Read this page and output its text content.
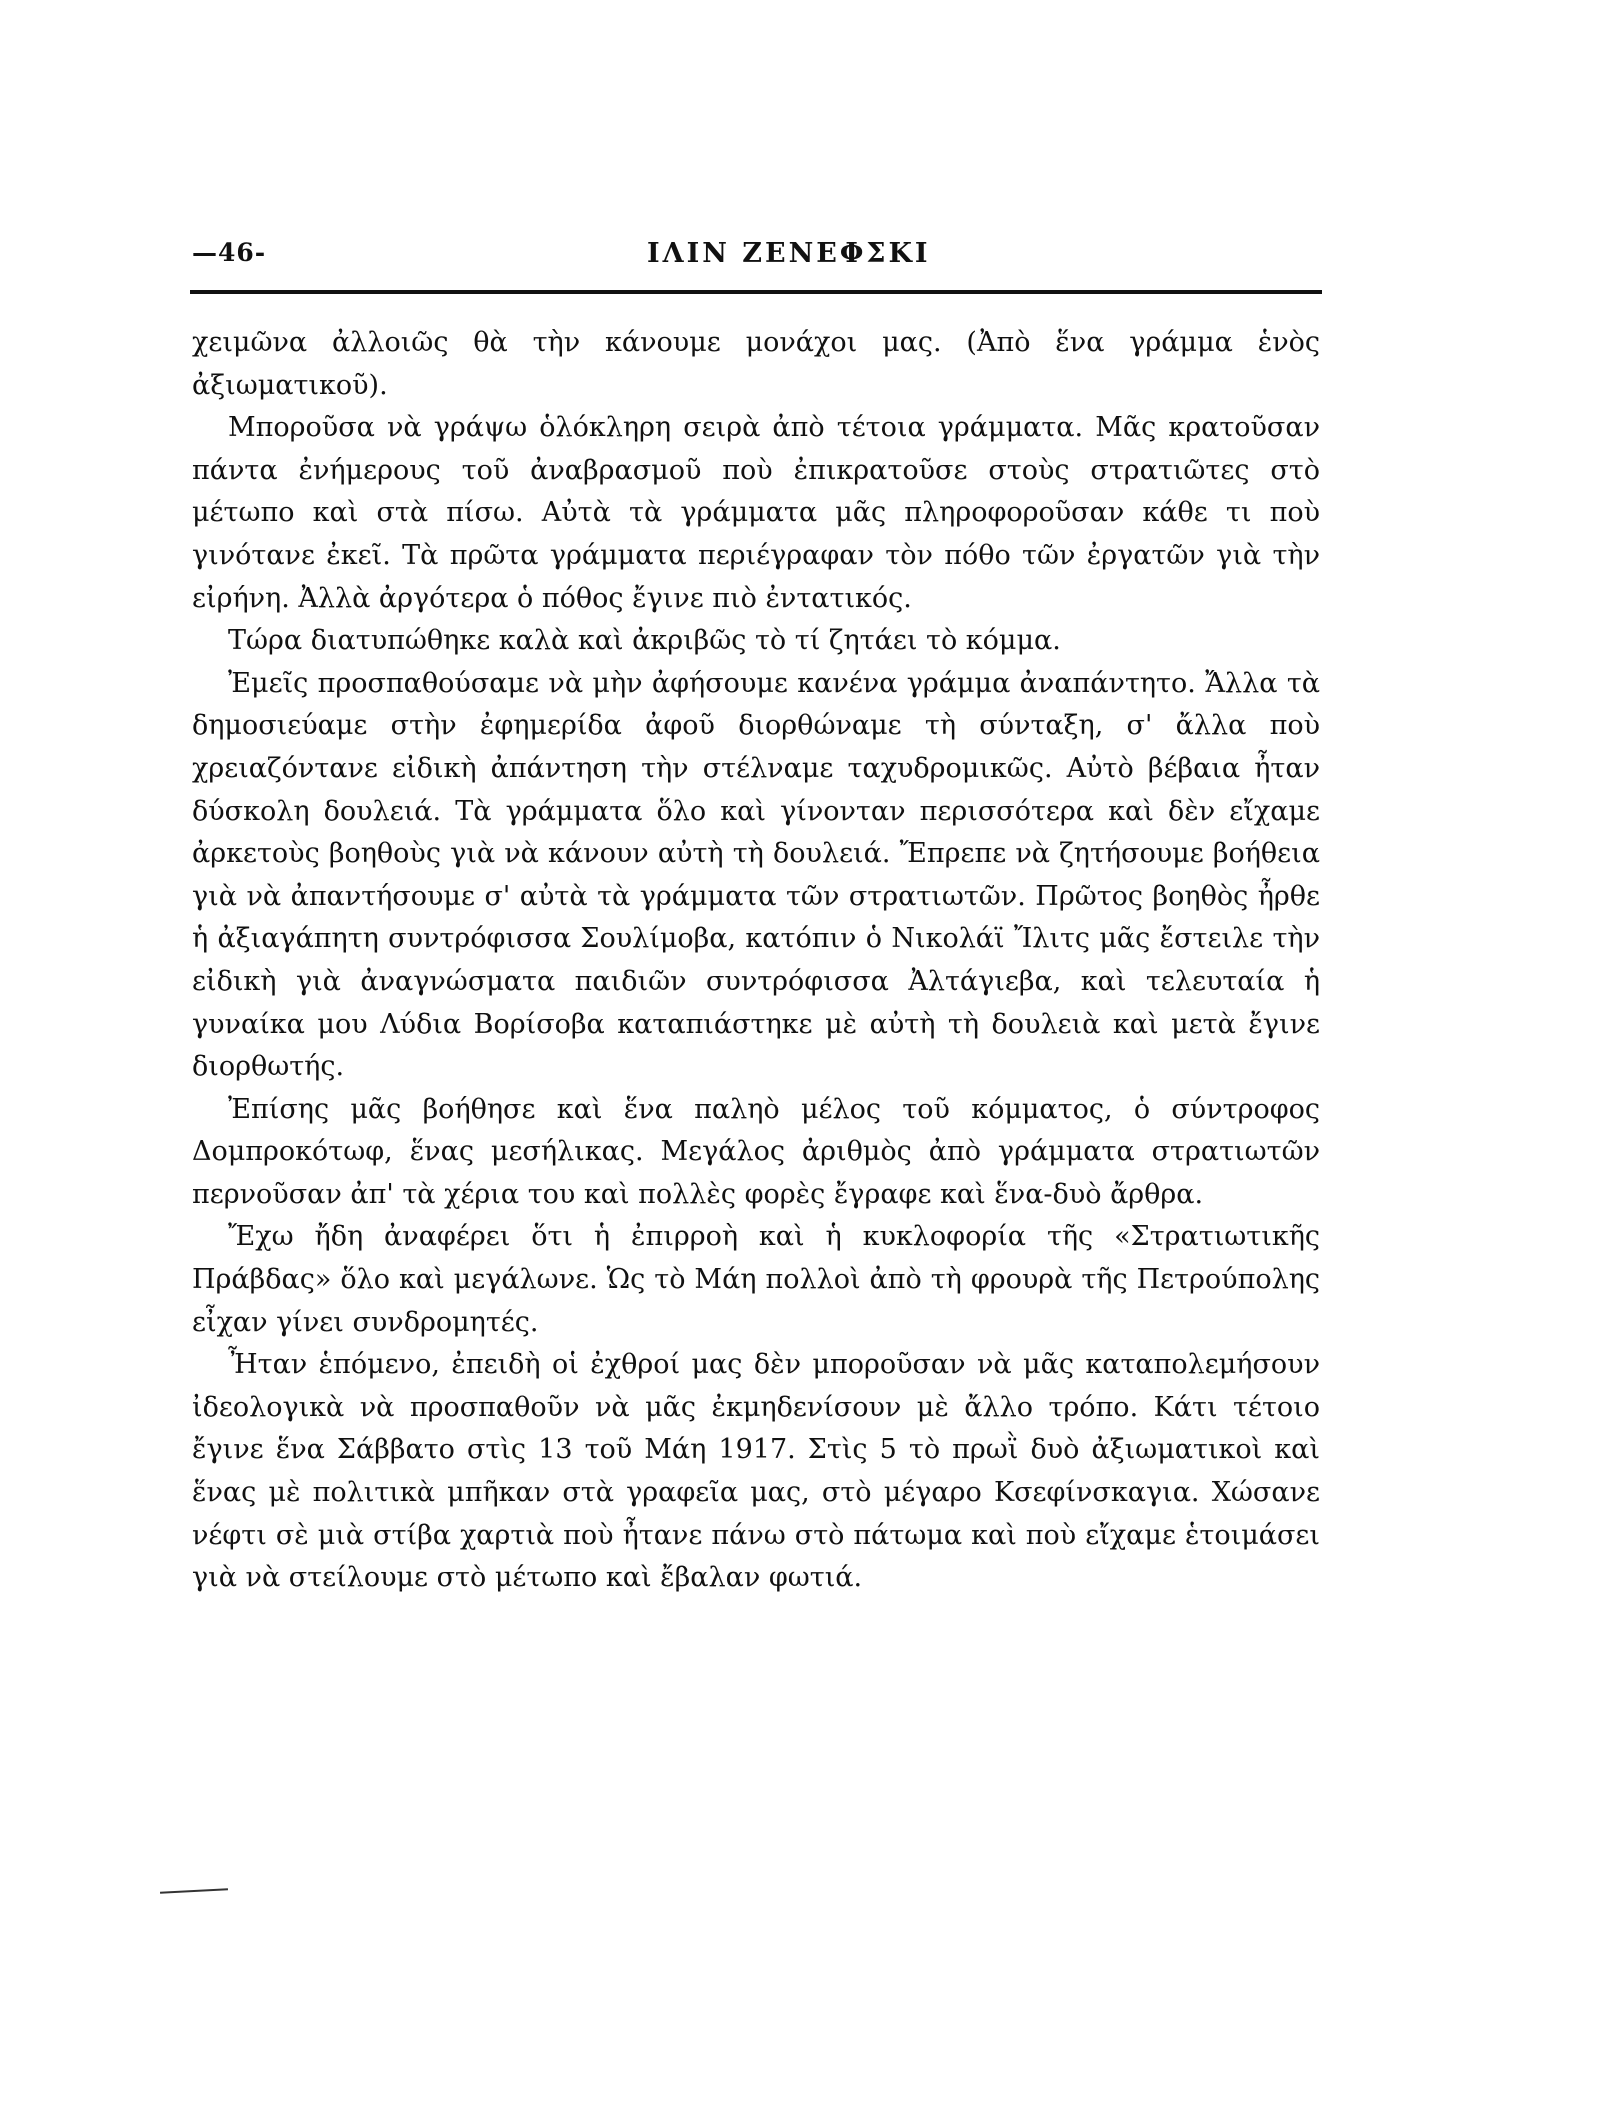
—46-	ΙΛΙΝ ΖΕΝΕΦΣΚΙ

χειμῶνα ἀλλοιῶς θὰ τὴν κάνουμε μονάχοι μας. (Ἀπὸ ἕνα γράμμα ἑνὸς ἀξιωματικοῦ).

Μποροῦσα νὰ γράψω ὁλόκληρη σειρὰ ἀπὸ τέτοια γράμματα. Μᾶς κρατοῦσαν πάντα ἐνήμερους τοῦ ἀναβρασμοῦ ποὺ ἐπικρατοῦσε στοὺς στρατιῶτες στὸ μέτωπο καὶ στὰ πίσω. Αὐτὰ τὰ γράμματα μᾶς πληροφοροῦσαν κάθε τι ποὺ γινότανε ἐκεῖ. Τὰ πρῶτα γράμματα περιέγραφαν τὸν πόθο τῶν ἐργατῶν γιὰ τὴν εἰρήνη. Ἀλλὰ ἀργότερα ὁ πόθος ἔγινε πιὸ ἐντατικός.

Τώρα διατυπώθηκε καλὰ καὶ ἀκριβῶς τὸ τί ζητάει τὸ κόμμα.

Ἐμεῖς προσπαθούσαμε νὰ μὴν ἀφήσουμε κανένα γράμμα ἀναπάντητο. Ἄλλα τὰ δημοσιεύαμε στὴν ἐφημερίδα ἀφοῦ διορθώναμε τὴ σύνταξη, σ' ἄλλα ποὺ χρειαζόντανε εἰδικὴ ἀπάντηση τὴν στέλναμε ταχυδρομικῶς. Αὐτὸ βέβαια ἦταν δύσκολη δουλειά. Τὰ γράμματα ὅλο καὶ γίνονταν περισσότερα καὶ δὲν εἴχαμε ἀρκετοὺς βοηθοὺς γιὰ νὰ κάνουν αὐτὴ τὴ δουλειά. Ἔπρεπε νὰ ζητήσουμε βοήθεια γιὰ νὰ ἀπαντήσουμε σ' αὐτὰ τὰ γράμματα τῶν στρατιωτῶν. Πρῶτος βοηθὸς ἦρθε ἡ ἀξιαγάπητη συντρόφισσα Σουλίμοβα, κατόπιν ὁ Νικολάϊ Ἴλιτς μᾶς ἔστειλε τὴν εἰδικὴ γιὰ ἀναγνώσματα παιδιῶν συντρόφισσα Ἀλτάγιεβα, καὶ τελευταία ἡ γυναίκα μου Λύδια Βορίσοβα καταπιάστηκε μὲ αὐτὴ τὴ δουλειὰ καὶ μετὰ ἔγινε διορθωτής.

Ἐπίσης μᾶς βοήθησε καὶ ἕνα παληὸ μέλος τοῦ κόμματος, ὁ σύντροφος Δομπροκότωφ, ἕνας μεσήλικας. Μεγάλος ἀριθμὸς ἀπὸ γράμματα στρατιωτῶν περνοῦσαν ἀπ' τὰ χέρια του καὶ πολλὲς φορὲς ἔγραφε καὶ ἕνα-δυὸ ἄρθρα.

Ἔχω ἤδη ἀναφέρει ὅτι ἡ ἐπιρροὴ καὶ ἡ κυκλοφορία τῆς «Στρατιωτικῆς Πράβδας» ὅλο καὶ μεγάλωνε. Ὡς τὸ Μάη πολλοὶ ἀπὸ τὴ φρουρὰ τῆς Πετρούπολης εἶχαν γίνει συνδρομητές.

Ἦταν ἑπόμενο, ἐπειδὴ οἱ ἐχθροί μας δὲν μποροῦσαν νὰ μᾶς καταπολεμήσουν ἰδεολογικὰ νὰ προσπαθοῦν νὰ μᾶς ἐκμηδενίσουν μὲ ἄλλο τρόπο. Κάτι τέτοιο ἔγινε ἕνα Σάββατο στὶς 13 τοῦ Μάη 1917. Στὶς 5 τὸ πρωῒ δυὸ ἀξιωματικοὶ καὶ ἕνας μὲ πολιτικὰ μπῆκαν στὰ γραφεῖα μας, στὸ μέγαρο Κσεφίνσκαγια. Χώσανε νέφτι σὲ μιὰ στίβα χαρτιὰ ποὺ ἦτανε πάνω στὸ πάτωμα καὶ ποὺ εἴχαμε ἑτοιμάσει γιὰ νὰ στείλουμε στὸ μέτωπο καὶ ἔβαλαν φωτιά.
